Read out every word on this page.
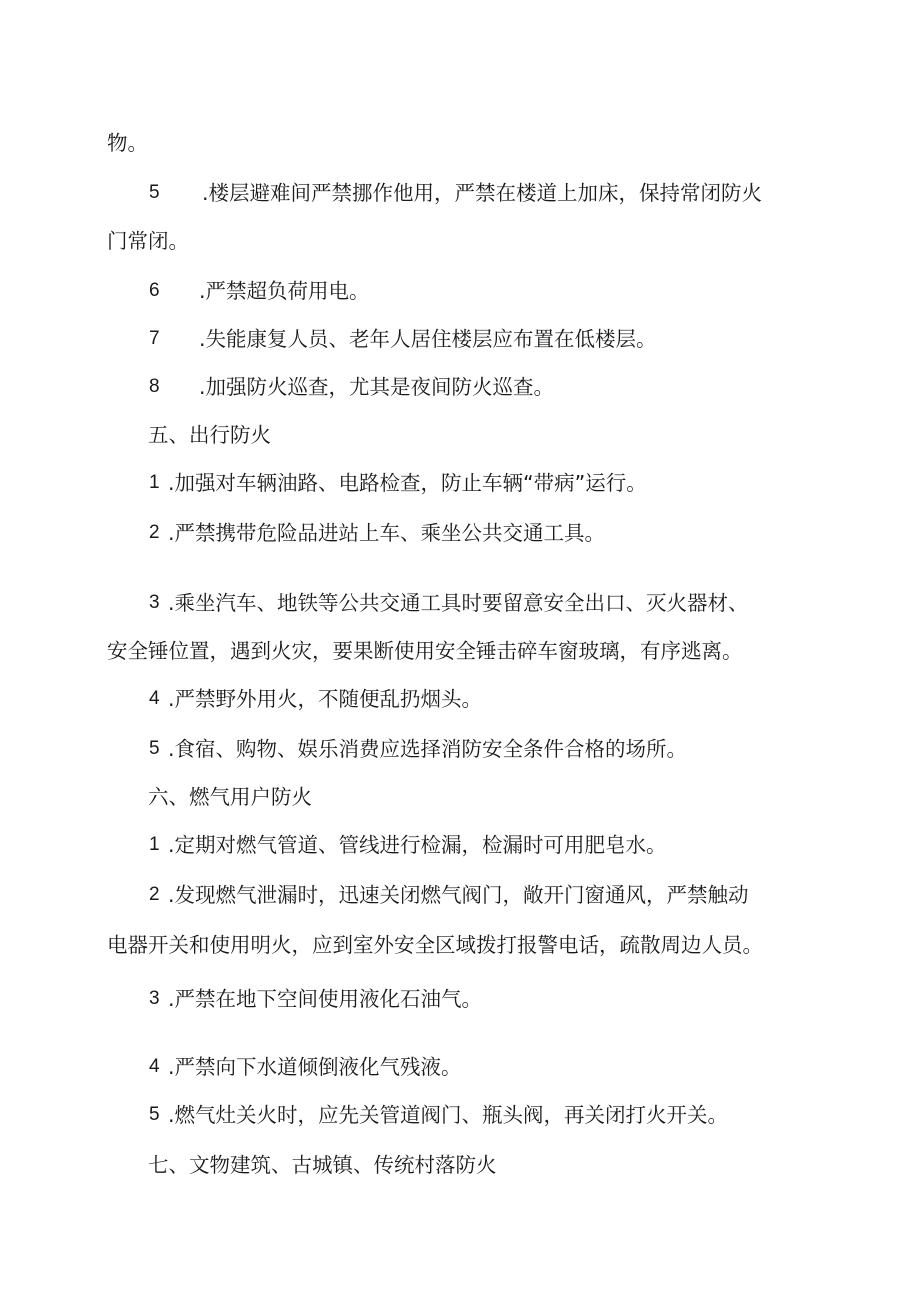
物。
5 .楼层避难间严禁挪作他用，严禁在楼道上加床，保持常闭防火
门常闭。
6 .严禁超负荷用电。
7 .失能康复人员、老年人居住楼层应布置在低楼层。
8 .加强防火巡查，尤其是夜间防火巡查。
五、出行防火
1 .加强对车辆油路、电路检查，防止车辆“带病”运行。
2 .严禁携带危险品进站上车、乘坐公共交通工具。
3 .乘坐汽车、地铁等公共交通工具时要留意安全出口、灭火器材、
安全锤位置，遇到火灾，要果断使用安全锤击碎车窗玻璃，有序逃离。
4 .严禁野外用火，不随便乱扔烟头。
5 .食宿、购物、娱乐消费应选择消防安全条件合格的场所。
六、燃气用户防火
1 .定期对燃气管道、管线进行检漏，检漏时可用肥皂水。
2 .发现燃气泄漏时，迅速关闭燃气阀门，敞开门窗通风，严禁触动
电器开关和使用明火，应到室外安全区域拨打报警电话，疏散周边人员。
3 .严禁在地下空间使用液化石油气。
4 .严禁向下水道倾倒液化气残液。
5 .燃气灶关火时，应先关管道阀门、瓶头阀，再关闭打火开关。
七、文物建筑、古城镇、传统村落防火
